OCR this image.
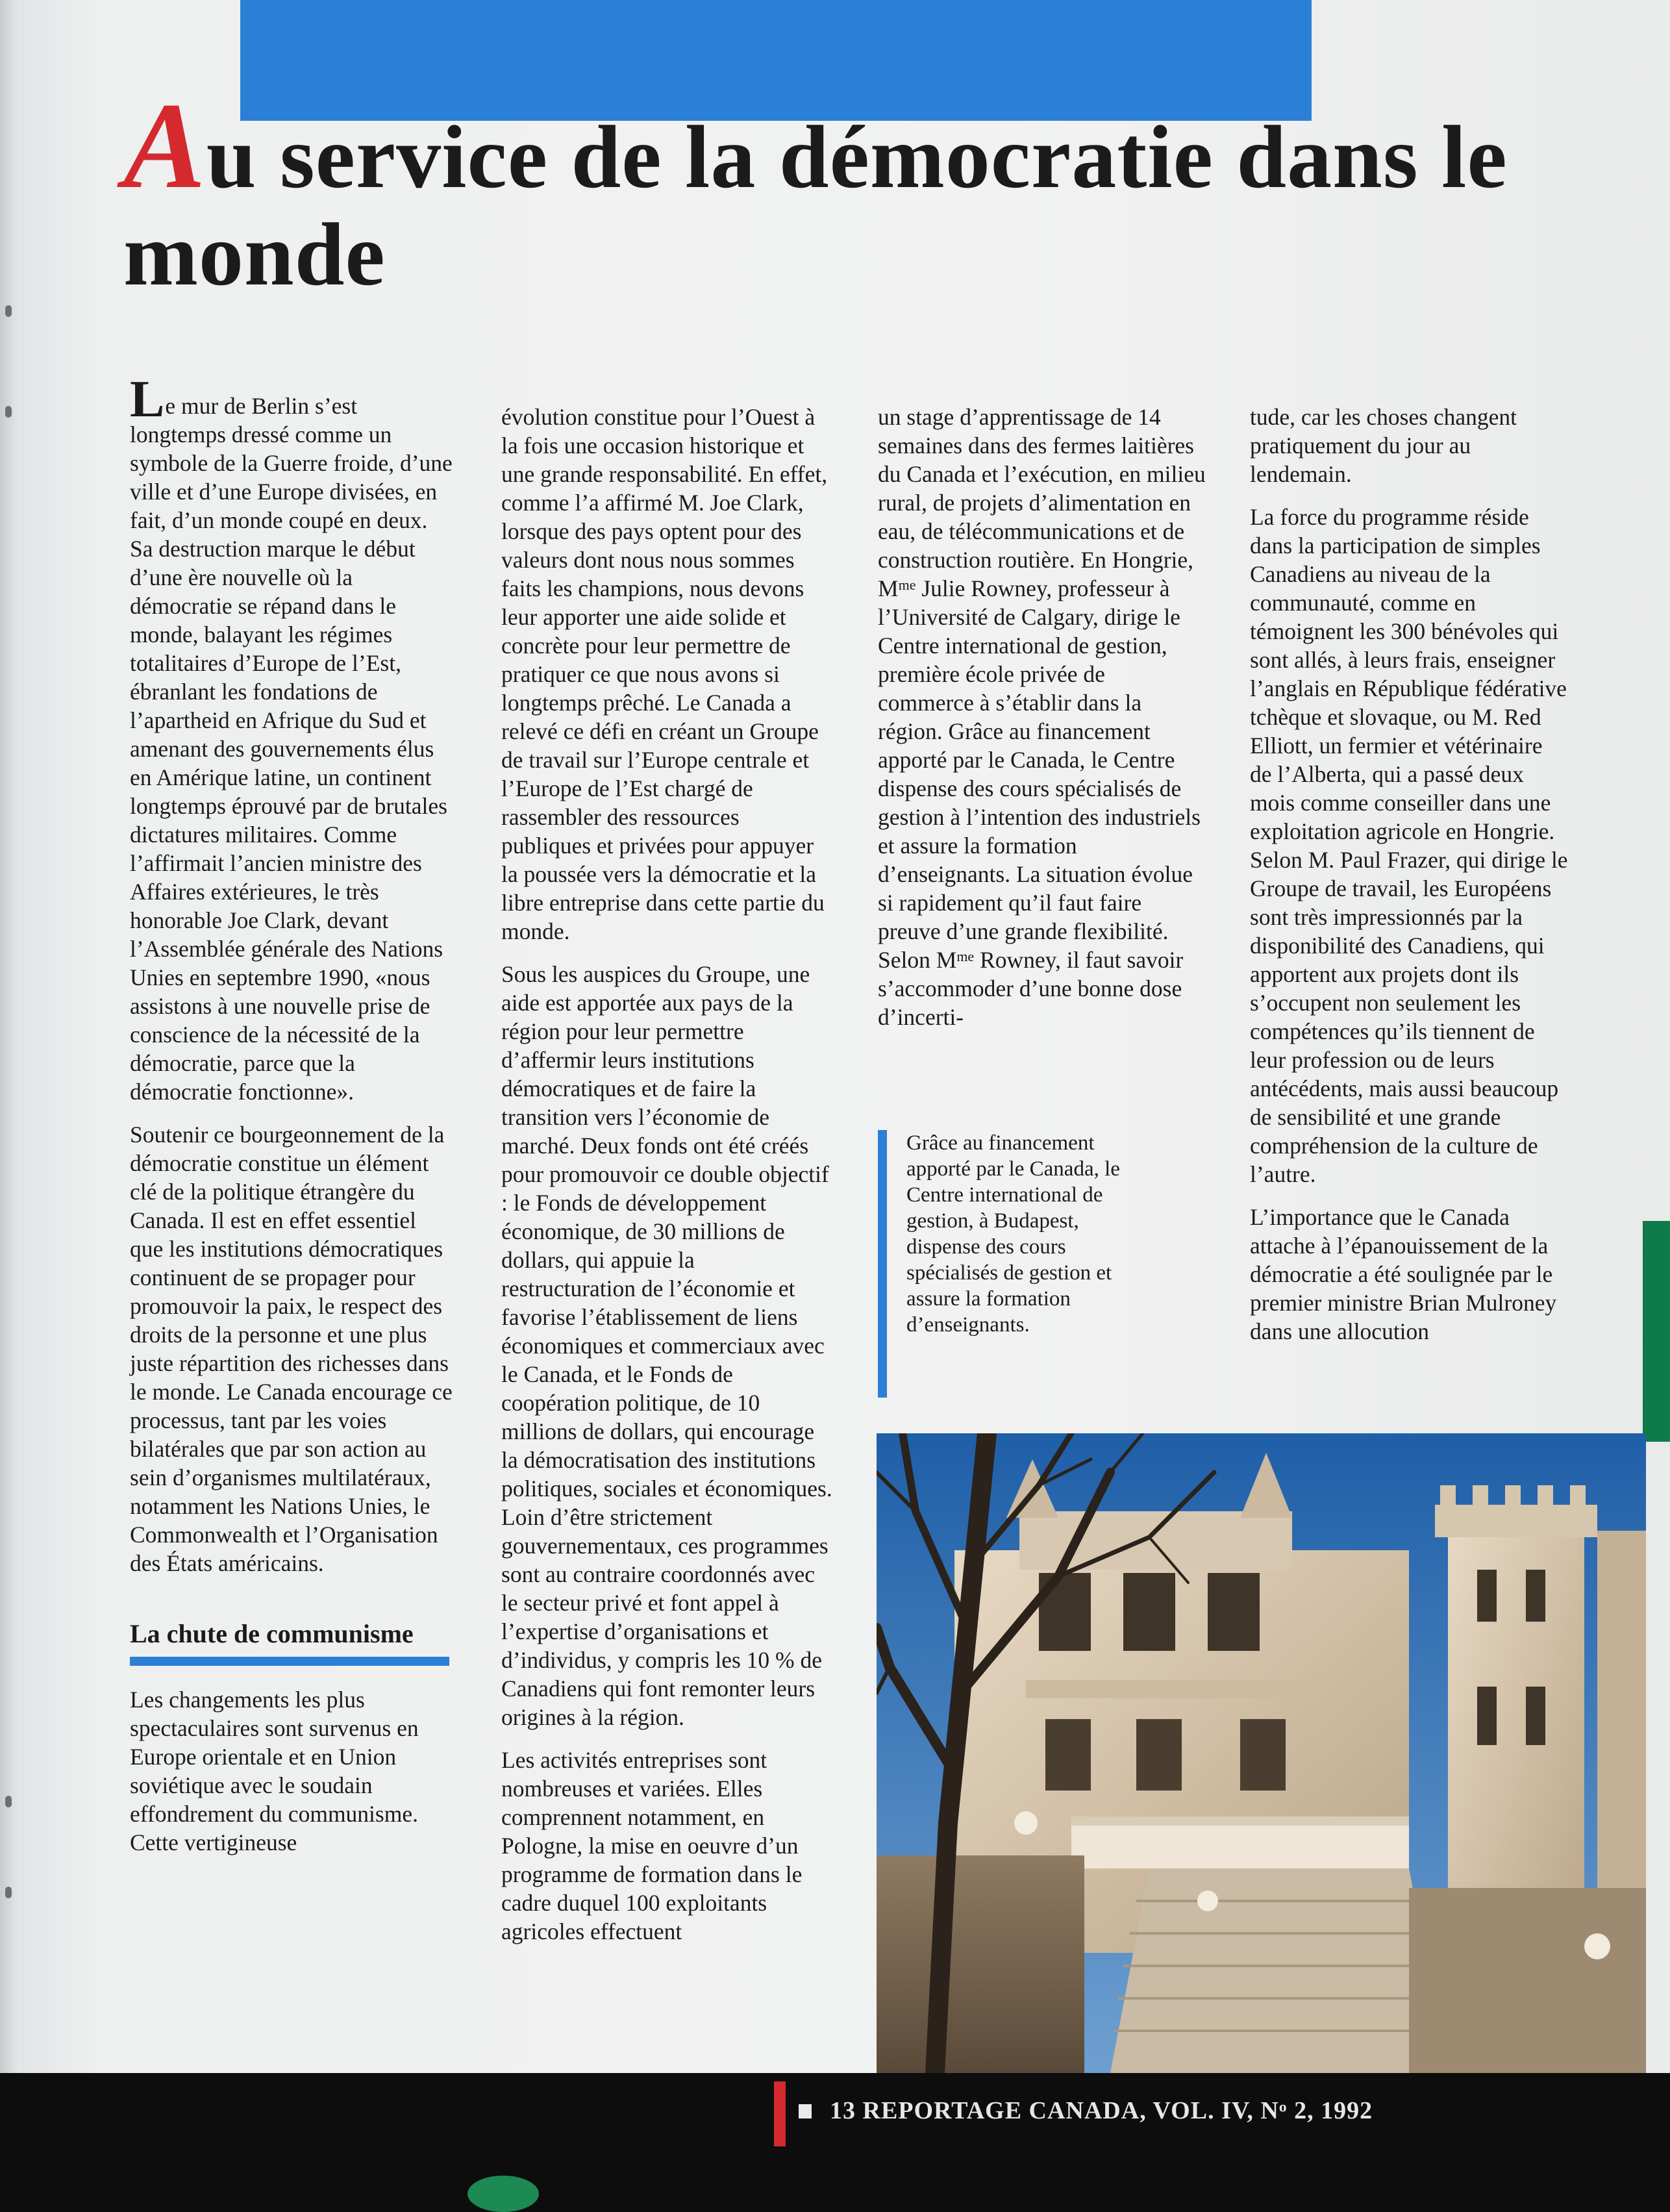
Au service de la démocratie dans le monde

Le mur de Berlin s’est longtemps dressé comme un symbole de la Guerre froide, d’une ville et d’une Europe divisées, en fait, d’un monde coupé en deux. Sa destruction marque le début d’une ère nouvelle où la démocratie se répand dans le monde, balayant les régimes totalitaires d’Europe de l’Est, ébranlant les fondations de l’apartheid en Afrique du Sud et amenant des gouvernements élus en Amérique latine, un continent longtemps éprouvé par de brutales dictatures militaires. Comme l’affirmait l’ancien ministre des Affaires extérieures, le très honorable Joe Clark, devant l’Assemblée générale des Nations Unies en septembre 1990, «nous assistons à une nouvelle prise de conscience de la nécessité de la démocratie, parce que la démocratie fonctionne».

Soutenir ce bourgeonnement de la démocratie constitue un élément clé de la politique étrangère du Canada. Il est en effet essentiel que les institutions démocratiques continuent de se propager pour promouvoir la paix, le respect des droits de la personne et une plus juste répartition des richesses dans le monde. Le Canada encourage ce processus, tant par les voies bilatérales que par son action au sein d’organismes multilatéraux, notamment les Nations Unies, le Commonwealth et l’Organisation des États américains.

La chute de communisme

Les changements les plus spectaculaires sont survenus en Europe orientale et en Union soviétique avec le soudain effondrement du communisme. Cette vertigineuse

évolution constitue pour l’Ouest à la fois une occasion historique et une grande responsabilité. En effet, comme l’a affirmé M. Joe Clark, lorsque des pays optent pour des valeurs dont nous nous sommes faits les champions, nous devons leur apporter une aide solide et concrète pour leur permettre de pratiquer ce que nous avons si longtemps prêché. Le Canada a relevé ce défi en créant un Groupe de travail sur l’Europe centrale et l’Europe de l’Est chargé de rassembler des ressources publiques et privées pour appuyer la poussée vers la démocratie et la libre entreprise dans cette partie du monde.

Sous les auspices du Groupe, une aide est apportée aux pays de la région pour leur permettre d’affermir leurs institutions démocratiques et de faire la transition vers l’économie de marché. Deux fonds ont été créés pour promouvoir ce double objectif : le Fonds de développement économique, de 30 millions de dollars, qui appuie la restructuration de l’économie et favorise l’établissement de liens économiques et commerciaux avec le Canada, et le Fonds de coopération politique, de 10 millions de dollars, qui encourage la démocratisation des institutions politiques, sociales et économiques. Loin d’être strictement gouvernementaux, ces programmes sont au contraire coordonnés avec le secteur privé et font appel à l’expertise d’organisations et d’individus, y compris les 10 % de Canadiens qui font remonter leurs origines à la région.

Les activités entreprises sont nombreuses et variées. Elles comprennent notamment, en Pologne, la mise en oeuvre d’un programme de formation dans le cadre duquel 100 exploitants agricoles effectuent

un stage d’apprentissage de 14 semaines dans des fermes laitières du Canada et l’exécution, en milieu rural, de projets d’alimentation en eau, de télécommunications et de construction routière. En Hongrie, $M^{me}$ Julie Rowney, professeur à l’Université de Calgary, dirige le Centre international de gestion, première école privée de commerce à s’établir dans la région. Grâce au financement apporté par le Canada, le Centre dispense des cours spécialisés de gestion à l’intention des industriels et assure la formation d’enseignants. La situation évolue si rapidement qu’il faut faire preuve d’une grande flexibilité. Selon $M^{me}$ Rowney, il faut savoir s’accommoder d’une bonne dose d’incerti-

Grâce au financement apporté par le Canada, le Centre international de gestion, à Budapest, dispense des cours spécialisés de gestion et assure la formation d’enseignants.

tude, car les choses changent pratiquement du jour au lendemain.

La force du programme réside dans la participation de simples Canadiens au niveau de la communauté, comme en témoignent les 300 bénévoles qui sont allés, à leurs frais, enseigner l’anglais en République fédérative tchèque et slovaque, ou M. Red Elliott, un fermier et vétérinaire de l’Alberta, qui a passé deux mois comme conseiller dans une exploitation agricole en Hongrie. Selon M. Paul Frazer, qui dirige le Groupe de travail, les Européens sont très impressionnés par la disponibilité des Canadiens, qui apportent aux projets dont ils s’occupent non seulement les compétences qu’ils tiennent de leur profession ou de leurs antécédents, mais aussi beaucoup de sensibilité et une grande compréhension de la culture de l’autre.

L’importance que le Canada attache à l’épanouissement de la démocratie a été soulignée par le premier ministre Brian Mulroney dans une allocution

13 REPORTAGE CANADA, VOL. IV, $N^o$ 2, 1992
